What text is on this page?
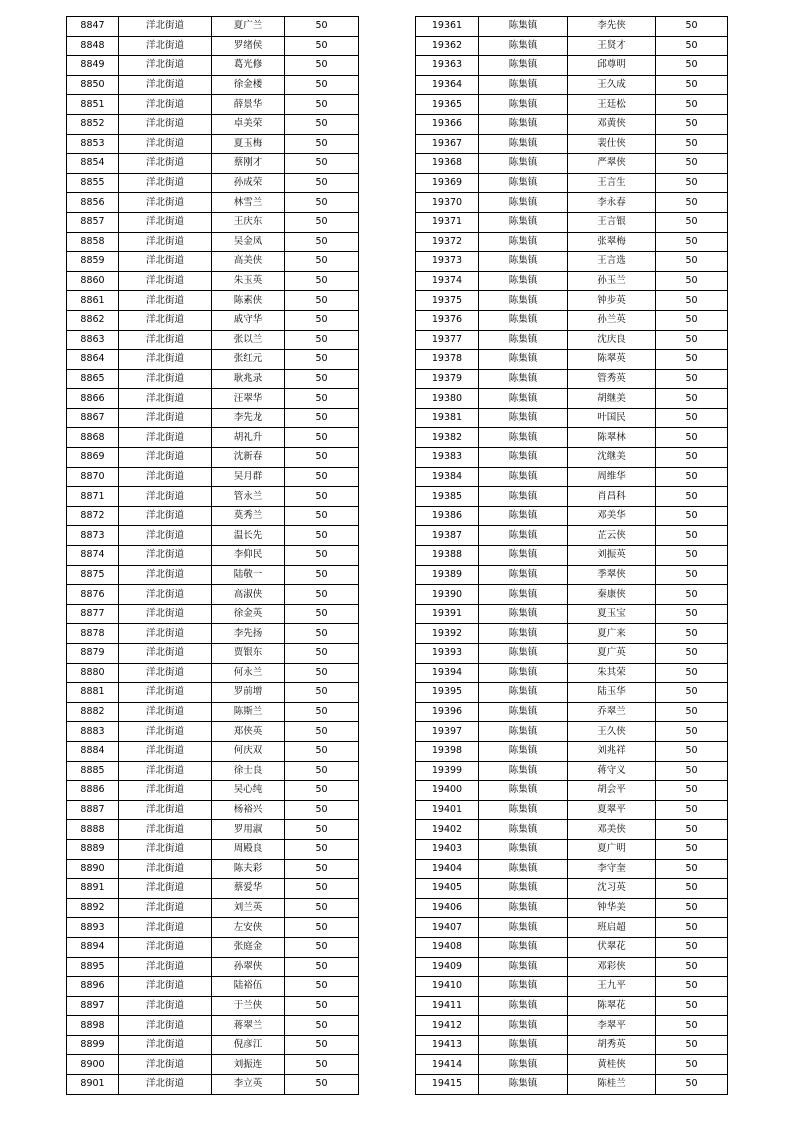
8847	洋北街道	夏广兰	50
8848	洋北街道	罗绪侯	50
8849	洋北街道	葛光修	50
8850	洋北街道	徐金楼	50
8851	洋北街道	薛景华	50
8852	洋北街道	卓美荣	50
8853	洋北街道	夏玉梅	50
8854	洋北街道	蔡刚才	50
8855	洋北街道	孙成荣	50
8856	洋北街道	林雪兰	50
8857	洋北街道	王庆东	50
8858	洋北街道	吴金凤	50
8859	洋北街道	高美侠	50
8860	洋北街道	朱玉英	50
8861	洋北街道	陈素侠	50
8862	洋北街道	戚守华	50
8863	洋北街道	张以兰	50
8864	洋北街道	张红元	50
8865	洋北街道	耿兆录	50
8866	洋北街道	汪翠华	50
8867	洋北街道	李先龙	50
8868	洋北街道	胡礼升	50
8869	洋北街道	沈新春	50
8870	洋北街道	吴月群	50
8871	洋北街道	管永兰	50
8872	洋北街道	莫秀兰	50
8873	洋北街道	温长先	50
8874	洋北街道	李仰民	50
8875	洋北街道	陆敬一	50
8876	洋北街道	高淑侠	50
8877	洋北街道	徐金英	50
8878	洋北街道	李先扬	50
8879	洋北街道	贾银东	50
8880	洋北街道	何永兰	50
8881	洋北街道	罗前增	50
8882	洋北街道	陈斯兰	50
8883	洋北街道	郑侠英	50
8884	洋北街道	何庆双	50
8885	洋北街道	徐士良	50
8886	洋北街道	吴心纯	50
8887	洋北街道	杨裕兴	50
8888	洋北街道	罗用淑	50
8889	洋北街道	周殿良	50
8890	洋北街道	陈夫彩	50
8891	洋北街道	蔡爱华	50
8892	洋北街道	刘兰英	50
8893	洋北街道	左安侠	50
8894	洋北街道	张庭金	50
8895	洋北街道	孙翠侠	50
8896	洋北街道	陆裕伍	50
8897	洋北街道	于兰侠	50
8898	洋北街道	蒋翠兰	50
8899	洋北街道	倪彦江	50
8900	洋北街道	刘振连	50
8901	洋北街道	李立英	50
19361	陈集镇	李先侠	50
19362	陈集镇	王贤才	50
19363	陈集镇	邱尊明	50
19364	陈集镇	王久成	50
19365	陈集镇	王廷松	50
19366	陈集镇	邓黄侠	50
19367	陈集镇	裴仕侠	50
19368	陈集镇	严翠侠	50
19369	陈集镇	王言生	50
19370	陈集镇	李永春	50
19371	陈集镇	王言银	50
19372	陈集镇	张翠梅	50
19373	陈集镇	王言选	50
19374	陈集镇	孙玉兰	50
19375	陈集镇	钟步英	50
19376	陈集镇	孙兰英	50
19377	陈集镇	沈庆良	50
19378	陈集镇	陈翠英	50
19379	陈集镇	管秀英	50
19380	陈集镇	胡继美	50
19381	陈集镇	叶国民	50
19382	陈集镇	陈翠林	50
19383	陈集镇	沈继美	50
19384	陈集镇	周维华	50
19385	陈集镇	肖昌科	50
19386	陈集镇	邓美华	50
19387	陈集镇	芷云侠	50
19388	陈集镇	刘振英	50
19389	陈集镇	季翠侠	50
19390	陈集镇	秦康侠	50
19391	陈集镇	夏玉宝	50
19392	陈集镇	夏广来	50
19393	陈集镇	夏广英	50
19394	陈集镇	朱其荣	50
19395	陈集镇	陆玉华	50
19396	陈集镇	乔翠兰	50
19397	陈集镇	王久侠	50
19398	陈集镇	刘兆祥	50
19399	陈集镇	蒋守义	50
19400	陈集镇	胡会平	50
19401	陈集镇	夏翠平	50
19402	陈集镇	邓美侠	50
19403	陈集镇	夏广明	50
19404	陈集镇	李守奎	50
19405	陈集镇	沈习英	50
19406	陈集镇	钟华美	50
19407	陈集镇	班启超	50
19408	陈集镇	伏翠花	50
19409	陈集镇	邓彩侠	50
19410	陈集镇	王九平	50
19411	陈集镇	陈翠花	50
19412	陈集镇	李翠平	50
19413	陈集镇	胡秀英	50
19414	陈集镇	黄桂侠	50
19415	陈集镇	陈桂兰	50
